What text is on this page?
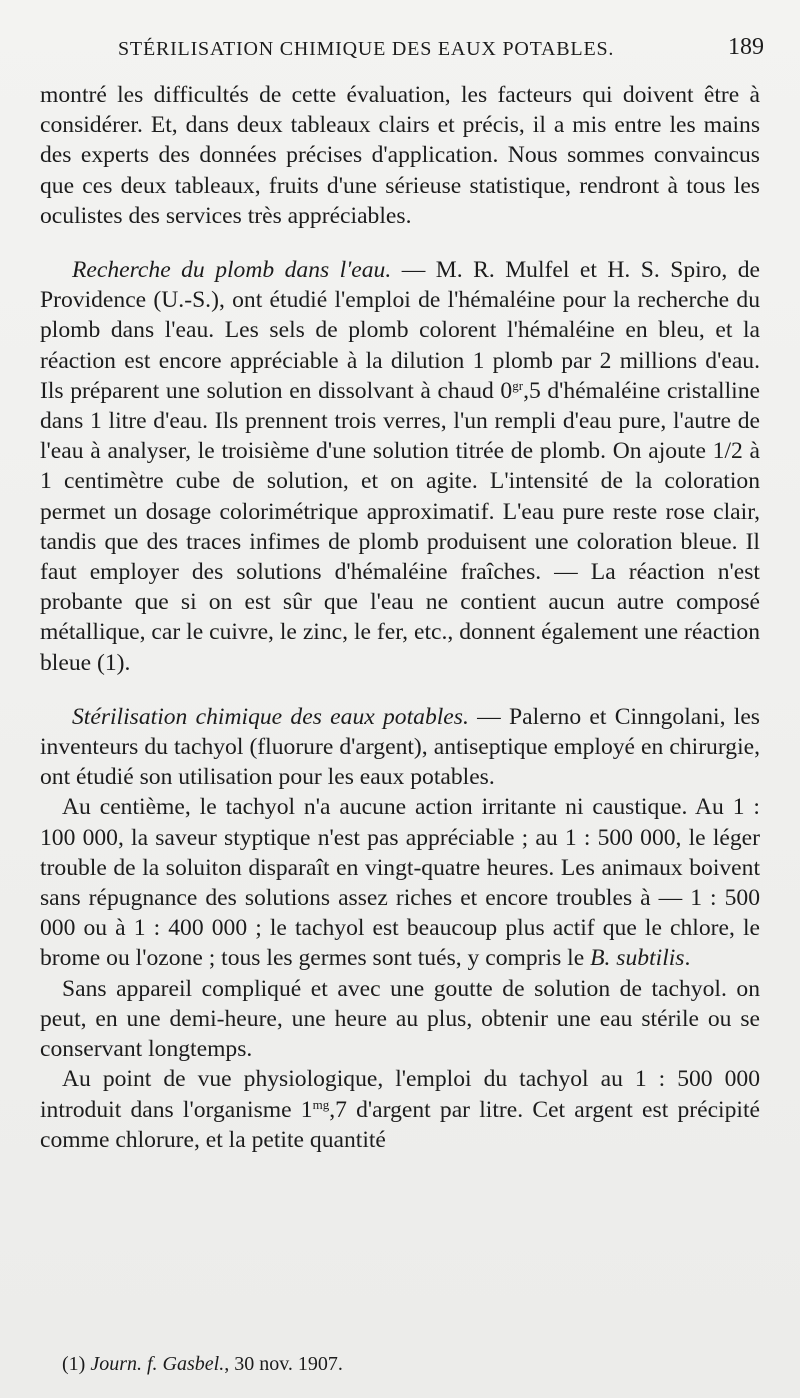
STÉRILISATION CHIMIQUE DES EAUX POTABLES.	189

montré les difficultés de cette évaluation, les facteurs qui doivent être à considérer. Et, dans deux tableaux clairs et précis, il a mis entre les mains des experts des données précises d'application. Nous sommes convaincus que ces deux tableaux, fruits d'une sérieuse statistique, rendront à tous les oculistes des services très appréciables.

Recherche du plomb dans l'eau. — M. R. Mulfel et H. S. Spiro, de Providence (U.-S.), ont étudié l'emploi de l'hémaléine pour la recherche du plomb dans l'eau. Les sels de plomb colorent l'hémaléine en bleu, et la réaction est encore appréciable à la dilution 1 plomb par 2 millions d'eau. Ils préparent une solution en dissolvant à chaud $0^{gr},5$ d'hémaléine cristalline dans 1 litre d'eau. Ils prennent trois verres, l'un rempli d'eau pure, l'autre de l'eau à analyser, le troisième d'une solution titrée de plomb. On ajoute 1/2 à 1 centimètre cube de solution, et on agite. L'intensité de la coloration permet un dosage colorimétrique approximatif. L'eau pure reste rose clair, tandis que des traces infimes de plomb produisent une coloration bleue. Il faut employer des solutions d'hémaléine fraîches. — La réaction n'est probante que si on est sûr que l'eau ne contient aucun autre composé métallique, car le cuivre, le zinc, le fer, etc., donnent également une réaction bleue (1).

Stérilisation chimique des eaux potables. — Palerno et Cinngolani, les inventeurs du tachyol (fluorure d'argent), antiseptique employé en chirurgie, ont étudié son utilisation pour les eaux potables.

Au centième, le tachyol n'a aucune action irritante ni caustique. Au 1 : 100 000, la saveur styptique n'est pas appréciable ; au 1 : 500 000, le léger trouble de la soluiton disparaît en vingt-quatre heures. Les animaux boivent sans répugnance des solutions assez riches et encore troubles à — 1 : 500 000 ou à 1 : 400 000 ; le tachyol est beaucoup plus actif que le chlore, le brome ou l'ozone ; tous les germes sont tués, y compris le B. subtilis.

Sans appareil compliqué et avec une goutte de solution de tachyol. on peut, en une demi-heure, une heure au plus, obtenir une eau stérile ou se conservant longtemps.

Au point de vue physiologique, l'emploi du tachyol au 1 : 500 000 introduit dans l'organisme $1^{mg},7$ d'argent par litre. Cet argent est précipité comme chlorure, et la petite quantité

(1) Journ. f. Gasbel., 30 nov. 1907.
